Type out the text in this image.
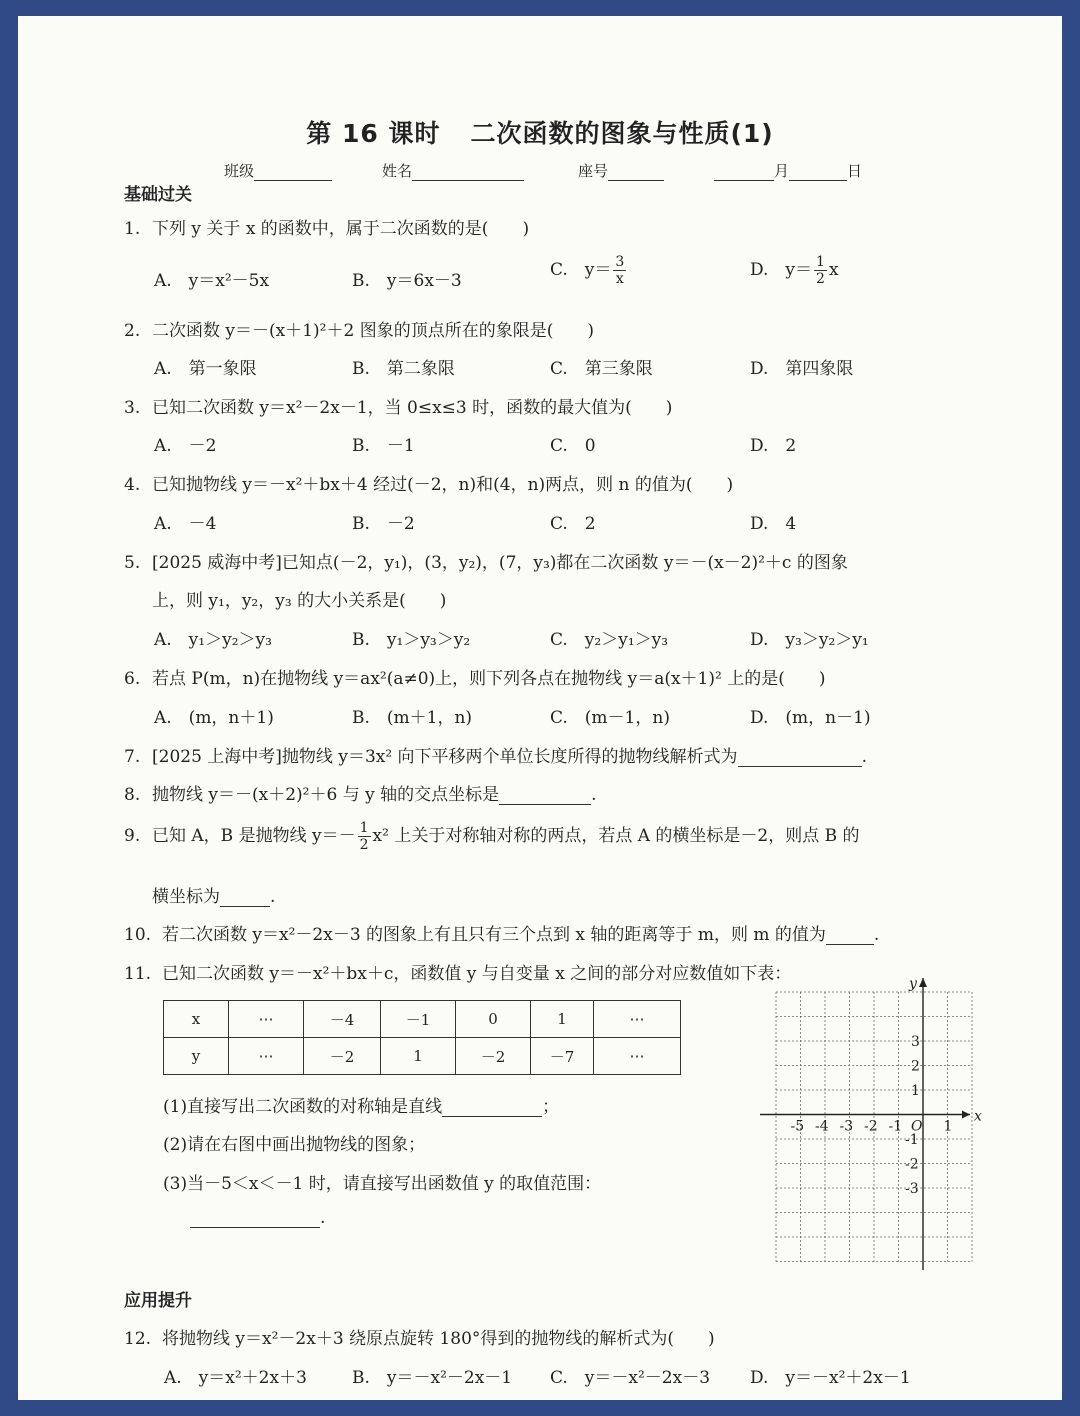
第 16 课时 二次函数的图象与性质(1)
班级	姓名	座号	月	日
基础过关
1. 下列 y 关于 x 的函数中，属于二次函数的是(　　)
A.　y＝x²－5x	B.　y＝6x－3
C.　$y= \frac{3}{x}$	D.　$y= \frac{1}{2}$ x
2. 二次函数 y＝－(x＋1)²＋2 图象的顶点所在的象限是(　　)
A.　第一象限	B.　第二象限	C.　第三象限	D.　第四象限
3. 已知二次函数 y＝x²－2x－1，当 0≤x≤3 时，函数的最大值为(　　)
A.　－2	B.　－1	C.　0	D.　2
4. 已知抛物线 y＝－x²＋bx＋4 经过(－2，n)和(4，n)两点，则 n 的值为(　　)
A.　－4	B.　－2	C.　2	D.　4
5. [2025 威海中考]已知点(－2，y₁)，(3，y₂)，(7，y₃)都在二次函数 y＝－(x－2)²＋c 的图象
上，则 y₁，y₂，y₃ 的大小关系是(　　)
A.　y₁＞y₂＞y₃	B.　y₁＞y₃＞y₂	C.　y₂＞y₁＞y₃	D.　y₃＞y₂＞y₁
6. 若点 P(m，n)在抛物线 y＝ax²(a≠0)上，则下列各点在抛物线 y＝a(x＋1)² 上的是(　　)
A.　(m，n＋1)	B.　(m＋1，n)	C.　(m－1，n)	D.　(m，n－1)
7. [2025 上海中考]抛物线 y＝3x² 向下平移两个单位长度所得的抛物线解析式为	.
8. 抛物线 y＝－(x＋2)²＋6 与 y 轴的交点坐标是	.
9. 已知 A，B 是抛物线 $y=- \frac{1}{2} x^2$ 上关于对称轴对称的两点，若点 A 的横坐标是－2，则点 B 的
横坐标为	.
10. 若二次函数 y＝x²－2x－3 的图象上有且只有三个点到 x 轴的距离等于 m，则 m 的值为	.
11. 已知二次函数 y＝－x²＋bx＋c，函数值 y 与自变量 x 之间的部分对应数值如下表：
x	⋯	－4	－1	0	1	⋯
y	⋯	－2	1	－2	－7	⋯
(1)直接写出二次函数的对称轴是直线	；
(2)请在右图中画出抛物线的图象；
(3)当－5＜x＜－1 时，请直接写出函数值 y 的取值范围：
.
x
y
O
-5 -4 -3 -2 -1	1
3
2
1
-1
-2
-3
应用提升
12. 将抛物线 y＝x²－2x＋3 绕原点旋转 180°得到的抛物线的解析式为(　　)
A.　y＝x²＋2x＋3	B.　y＝－x²－2x－1 C.　y＝－x²－2x－3 D.　y＝－x²＋2x－1
